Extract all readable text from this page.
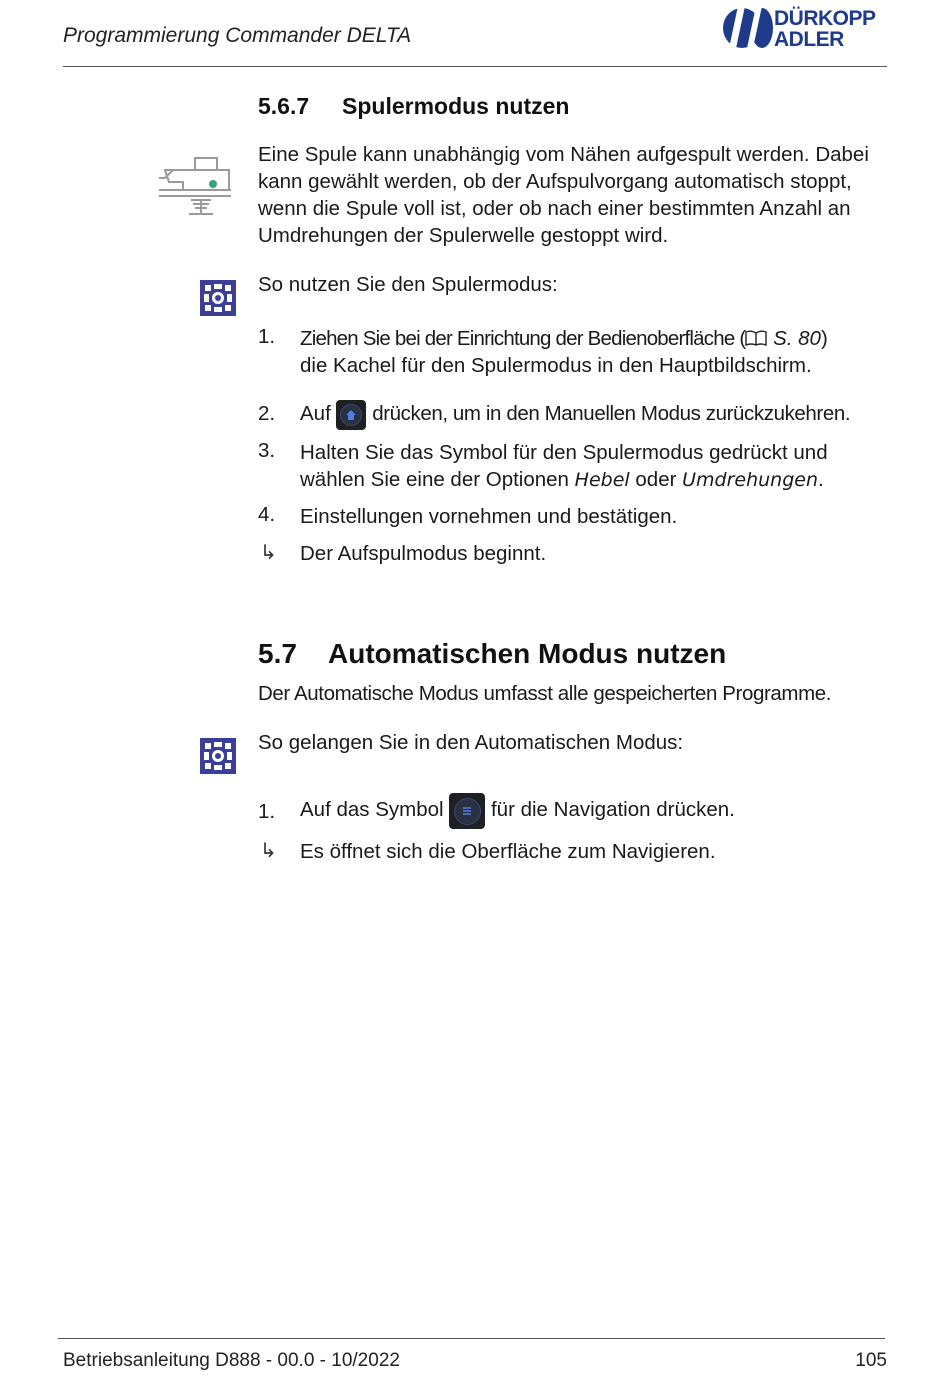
Programmierung Commander DELTA
DÜRKOPP
ADLER
5.6.7 Spulermodus nutzen
Eine Spule kann unabhängig vom Nähen aufgespult werden. Dabei kann gewählt werden, ob der Aufspulvorgang automatisch stoppt, wenn die Spule voll ist, oder ob nach einer bestimmten Anzahl an Umdrehungen der Spulerwelle gestoppt wird.
So nutzen Sie den Spulermodus:
1. Ziehen Sie bei der Einrichtung der Bedienoberfläche ( S. 80)
die Kachel für den Spulermodus in den Hauptbildschirm.
2. Auf drücken, um in den Manuellen Modus zurückzukehren.
3. Halten Sie das Symbol für den Spulermodus gedrückt und wählen Sie eine der Optionen Hebel oder Umdrehungen.
4. Einstellungen vornehmen und bestätigen.
↳ Der Aufspulmodus beginnt.
5.7 Automatischen Modus nutzen
Der Automatische Modus umfasst alle gespeicherten Programme.
So gelangen Sie in den Automatischen Modus:
1. Auf das Symbol für die Navigation drücken.
↳ Es öffnet sich die Oberfläche zum Navigieren.
Betriebsanleitung D888 - 00.0 - 10/2022	105
